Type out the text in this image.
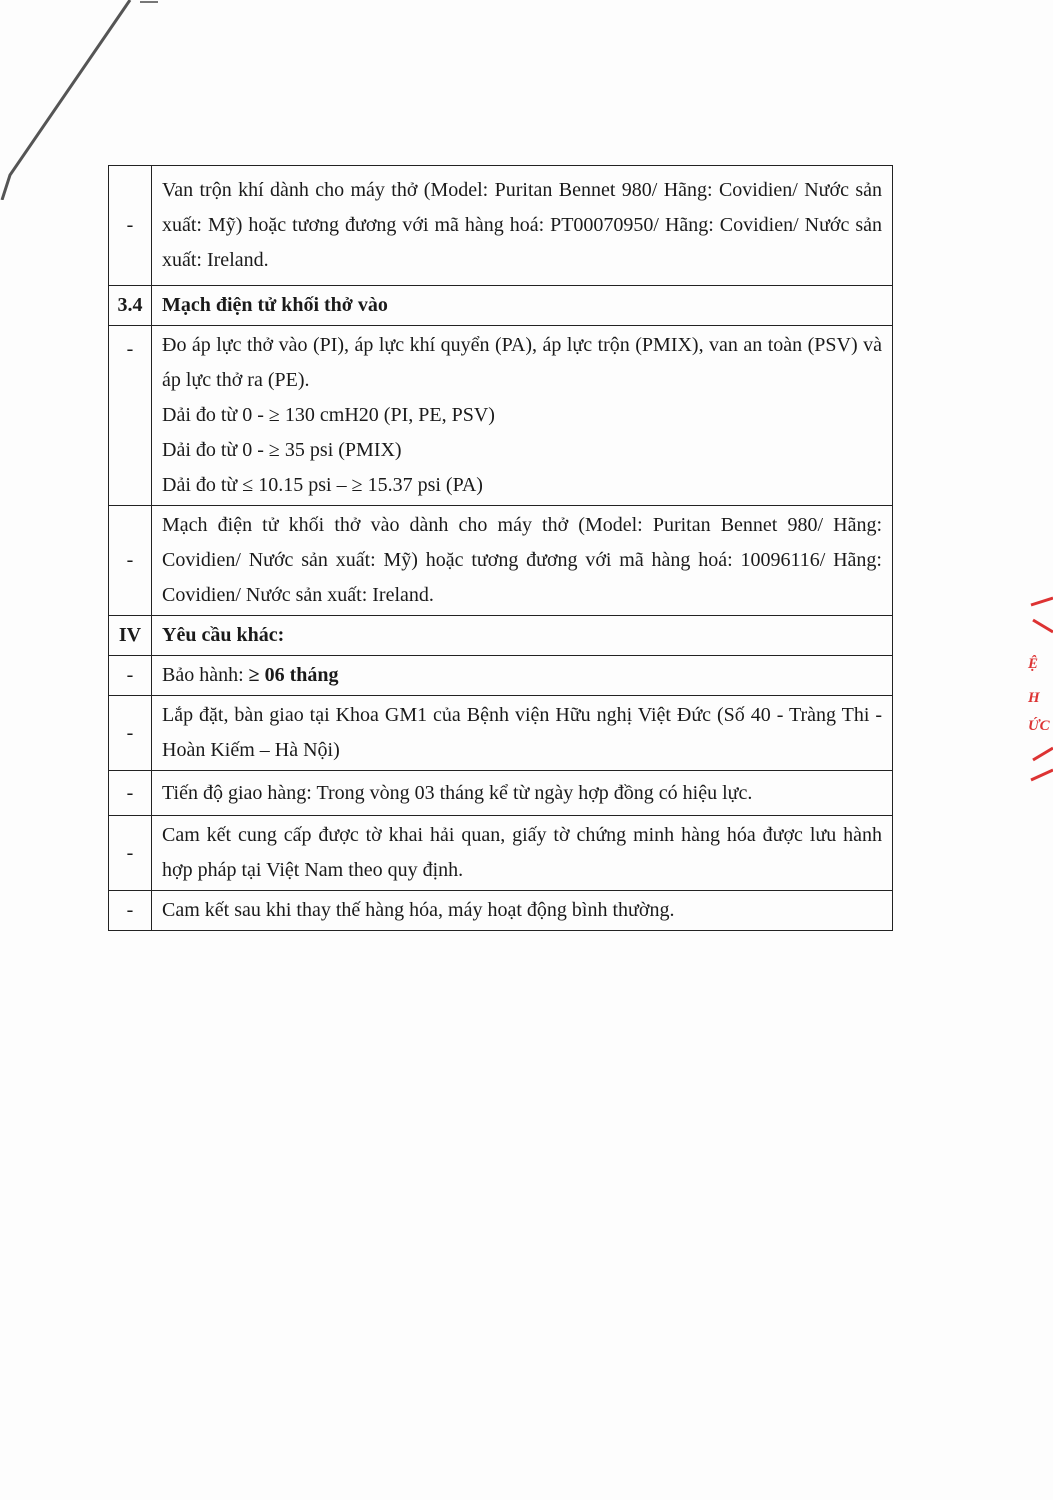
Ệ
H
ỨC
-	Van trộn khí dành cho máy thở (Model: Puritan Bennet 980/ Hãng: Covidien/ Nước sản xuất: Mỹ) hoặc tương đương với mã hàng hoá: PT00070950/ Hãng: Covidien/ Nước sản xuất: Ireland.
3.4	Mạch điện tử khối thở vào
-	Đo áp lực thở vào (PI), áp lực khí quyển (PA), áp lực trộn (PMIX), van an toàn (PSV) và áp lực thở ra (PE).
Dải đo từ 0 - ≥ 130 cmH20 (PI, PE, PSV)
Dải đo từ 0 - ≥ 35 psi (PMIX)
Dải đo từ ≤ 10.15 psi – ≥ 15.37 psi (PA)

-	Mạch điện tử khối thở vào dành cho máy thở (Model: Puritan Bennet 980/ Hãng: Covidien/ Nước sản xuất: Mỹ) hoặc tương đương với mã hàng hoá: 10096116/ Hãng: Covidien/ Nước sản xuất: Ireland.
IV	Yêu cầu khác:
-	Bảo hành: ≥ 06 tháng
-	Lắp đặt, bàn giao tại Khoa GM1 của Bệnh viện Hữu nghị Việt Đức (Số 40 - Tràng Thi - Hoàn Kiếm – Hà Nội)
-	Tiến độ giao hàng: Trong vòng 03 tháng kể từ ngày hợp đồng có hiệu lực.
-	Cam kết cung cấp được tờ khai hải quan, giấy tờ chứng minh hàng hóa được lưu hành hợp pháp tại Việt Nam theo quy định.
-	Cam kết sau khi thay thế hàng hóa, máy hoạt động bình thường.
